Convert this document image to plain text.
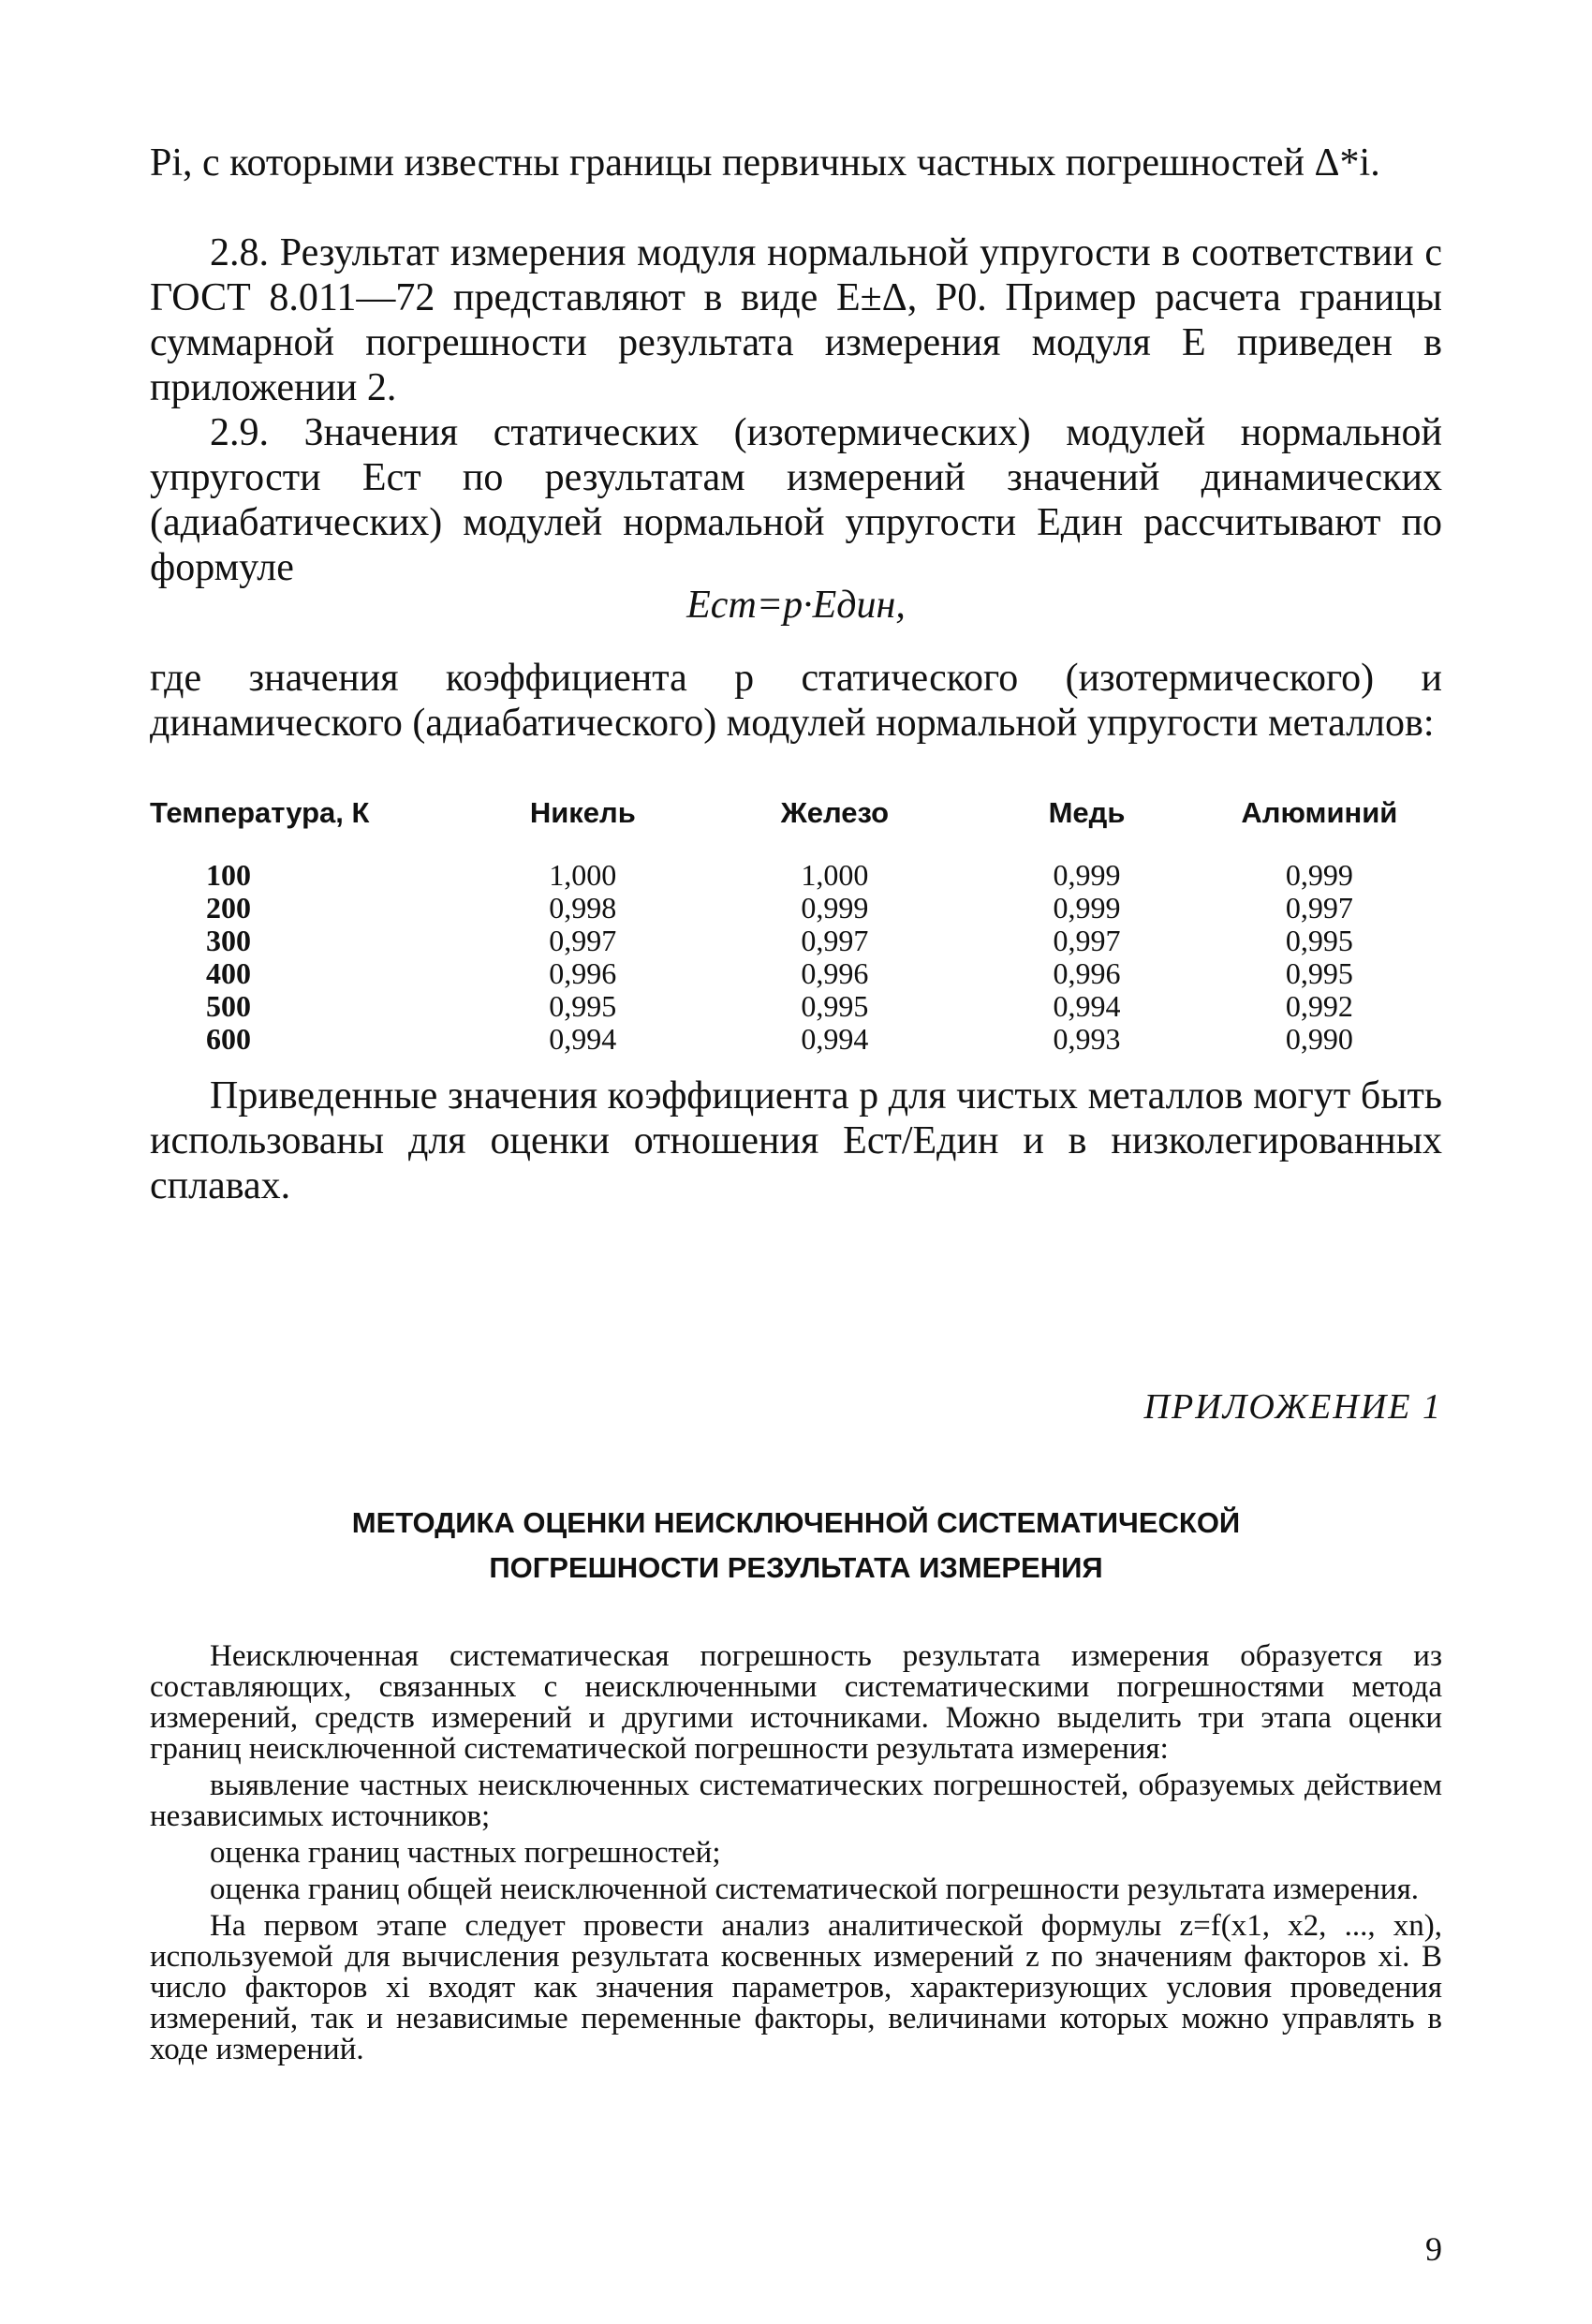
Pi, с которыми известны границы первичных частных погрешностей Δ*i.

2.8. Результат измерения модуля нормальной упругости в соответствии с ГОСТ 8.011—72 представляют в виде E±Δ, P0. Пример расчета границы суммарной погрешности результата измерения модуля E приведен в приложении 2.

2.9. Значения статических (изотермических) модулей нормальной упругости Eст по результатам измерений значений динамических (адиабатических) модулей нормальной упругости Eдин рассчитывают по формуле

Eст=p·Eдин,

где значения коэффициента p статического (изотермического) и динамического (адиабатического) модулей нормальной упругости металлов:

Температура, К	Никель	Железо	Медь	Алюминий
100	1,000	1,000	0,999	0,999
200	0,998	0,999	0,999	0,997
300	0,997	0,997	0,997	0,995
400	0,996	0,996	0,996	0,995
500	0,995	0,995	0,994	0,992
600	0,994	0,994	0,993	0,990

Приведенные значения коэффициента p для чистых металлов могут быть использованы для оценки отношения Eст/Eдин и в низколегированных сплавах.

ПРИЛОЖЕНИЕ 1
МЕТОДИКА ОЦЕНКИ НЕИСКЛЮЧЕННОЙ СИСТЕМАТИЧЕСКОЙ
ПОГРЕШНОСТИ РЕЗУЛЬТАТА ИЗМЕРЕНИЯ

Неисключенная систематическая погрешность результата измерения образуется из составляющих, связанных с неисключенными систематическими погрешностями метода измерений, средств измерений и другими источниками. Можно выделить три этапа оценки границ неисключенной систематической погрешности результата измерения:

выявление частных неисключенных систематических погрешностей, образуемых действием независимых источников;

оценка границ частных погрешностей;

оценка границ общей неисключенной систематической погрешности результата измерения.

На первом этапе следует провести анализ аналитической формулы z=f(x1, x2, ..., xn), используемой для вычисления результата косвенных измерений z по значениям факторов xi. В число факторов xi входят как значения параметров, характеризующих условия проведения измерений, так и независимые переменные факторы, величинами которых можно управлять в ходе измерений.

9
